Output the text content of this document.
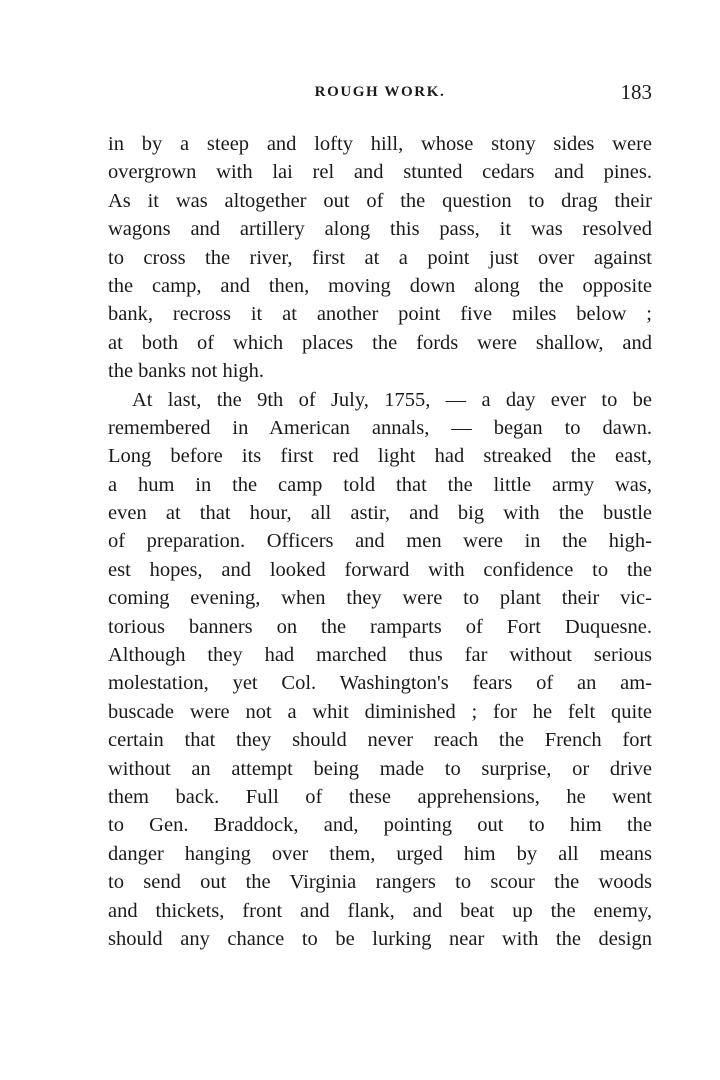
ROUGH WORK.	183
in by a steep and lofty hill, whose stony sides were
overgrown with lai rel and stunted cedars and pines.
As it was altogether out of the question to drag their
wagons and artillery along this pass, it was resolved
to cross the river, first at a point just over against
the camp, and then, moving down along the opposite
bank, recross it at another point five miles below ;
at both of which places the fords were shallow, and
the banks not high.
At last, the 9th of July, 1755, — a day ever to be
remembered in American annals, — began to dawn.
Long before its first red light had streaked the east,
a hum in the camp told that the little army was,
even at that hour, all astir, and big with the bustle
of preparation. Officers and men were in the high-
est hopes, and looked forward with confidence to the
coming evening, when they were to plant their vic-
torious banners on the ramparts of Fort Duquesne.
Although they had marched thus far without serious
molestation, yet Col. Washington's fears of an am-
buscade were not a whit diminished ; for he felt quite
certain that they should never reach the French fort
without an attempt being made to surprise, or drive
them back. Full of these apprehensions, he went
to Gen. Braddock, and, pointing out to him the
danger hanging over them, urged him by all means
to send out the Virginia rangers to scour the woods
and thickets, front and flank, and beat up the enemy,
should any chance to be lurking near with the design
